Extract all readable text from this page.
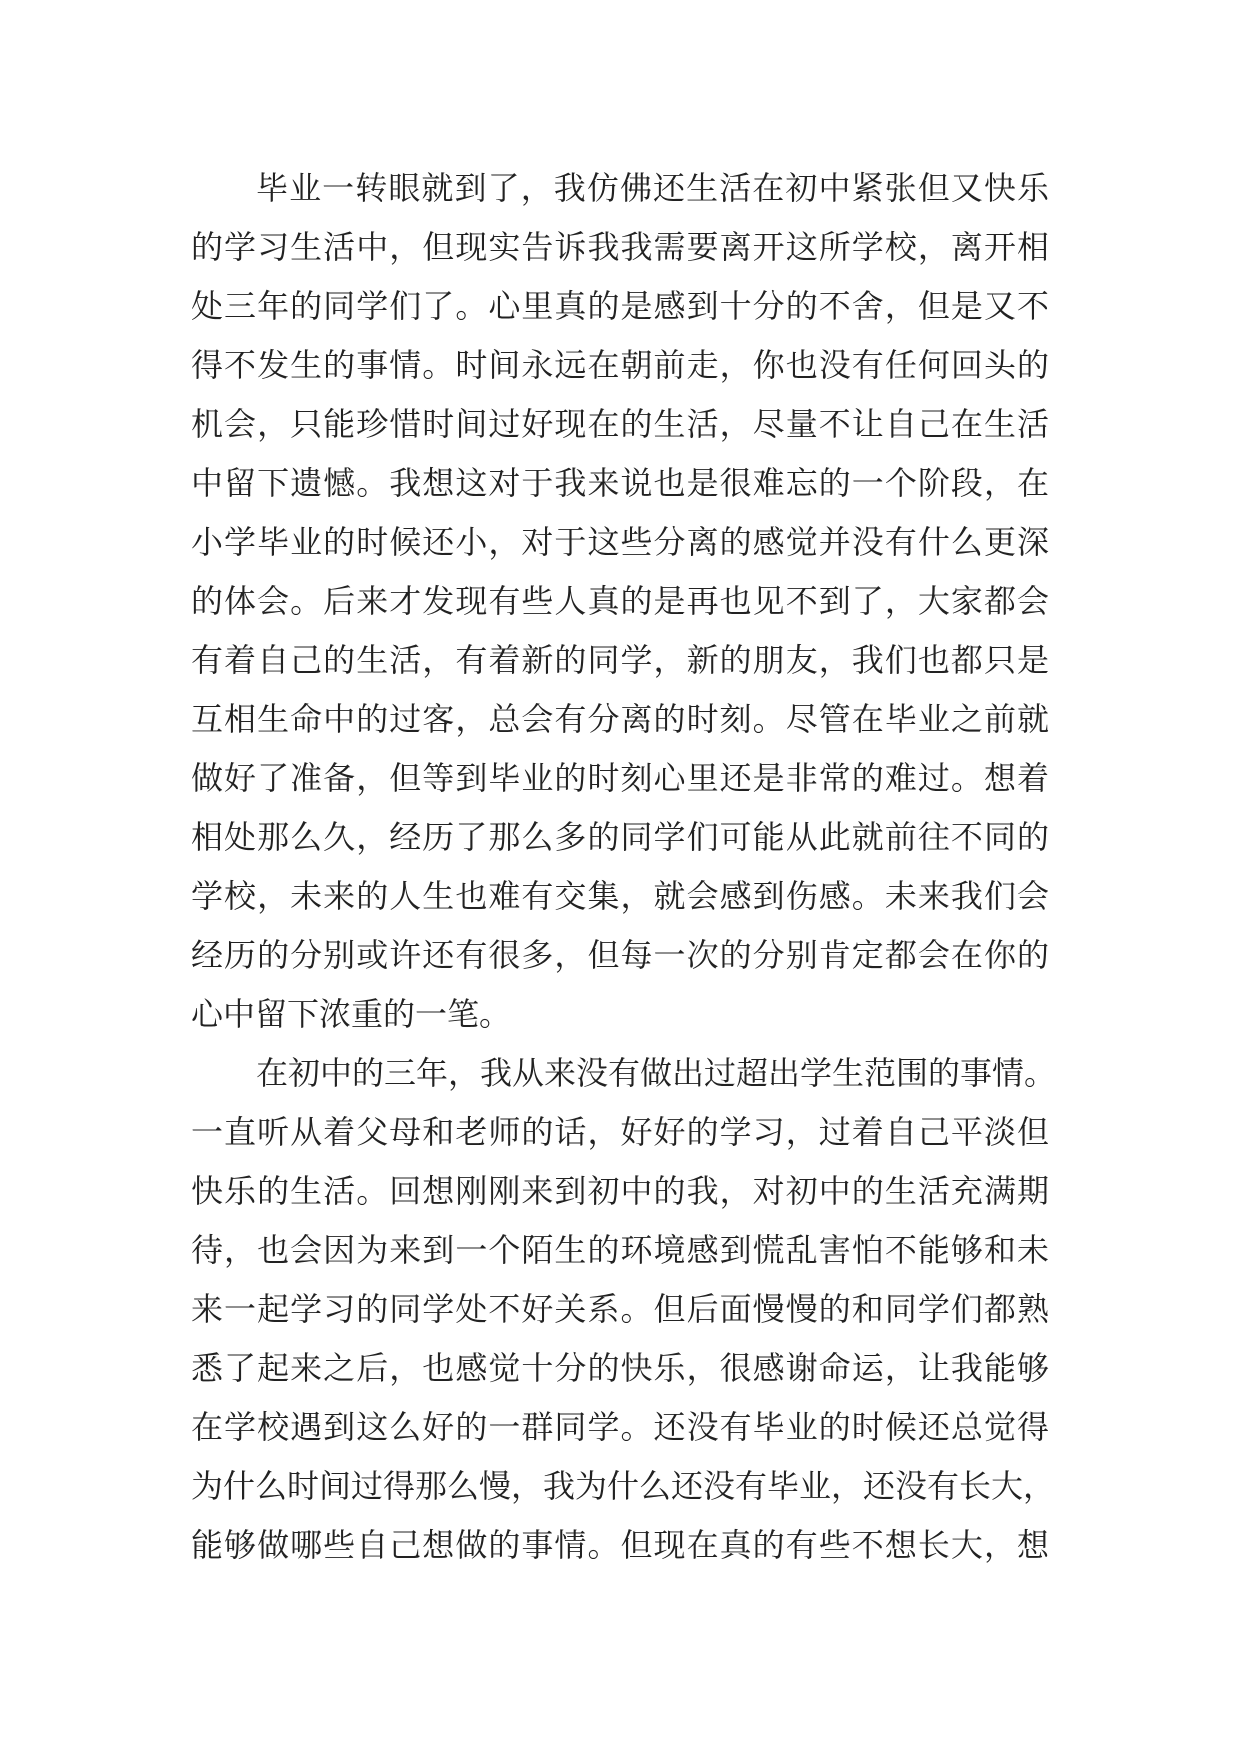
毕业一转眼就到了，我仿佛还生活在初中紧张但又快乐
的学习生活中，但现实告诉我我需要离开这所学校，离开相
处三年的同学们了。心里真的是感到十分的不舍，但是又不
得不发生的事情。时间永远在朝前走，你也没有任何回头的
机会，只能珍惜时间过好现在的生活，尽量不让自己在生活
中留下遗憾。我想这对于我来说也是很难忘的一个阶段，在
小学毕业的时候还小，对于这些分离的感觉并没有什么更深
的体会。后来才发现有些人真的是再也见不到了，大家都会
有着自己的生活，有着新的同学，新的朋友，我们也都只是
互相生命中的过客，总会有分离的时刻。尽管在毕业之前就
做好了准备，但等到毕业的时刻心里还是非常的难过。想着
相处那么久，经历了那么多的同学们可能从此就前往不同的
学校，未来的人生也难有交集，就会感到伤感。未来我们会
经历的分别或许还有很多，但每一次的分别肯定都会在你的
心中留下浓重的一笔。
在初中的三年，我从来没有做出过超出学生范围的事情。
一直听从着父母和老师的话，好好的学习，过着自己平淡但
快乐的生活。回想刚刚来到初中的我，对初中的生活充满期
待，也会因为来到一个陌生的环境感到慌乱害怕不能够和未
来一起学习的同学处不好关系。但后面慢慢的和同学们都熟
悉了起来之后，也感觉十分的快乐，很感谢命运，让我能够
在学校遇到这么好的一群同学。还没有毕业的时候还总觉得
为什么时间过得那么慢，我为什么还没有毕业，还没有长大，
能够做哪些自己想做的事情。但现在真的有些不想长大，想
